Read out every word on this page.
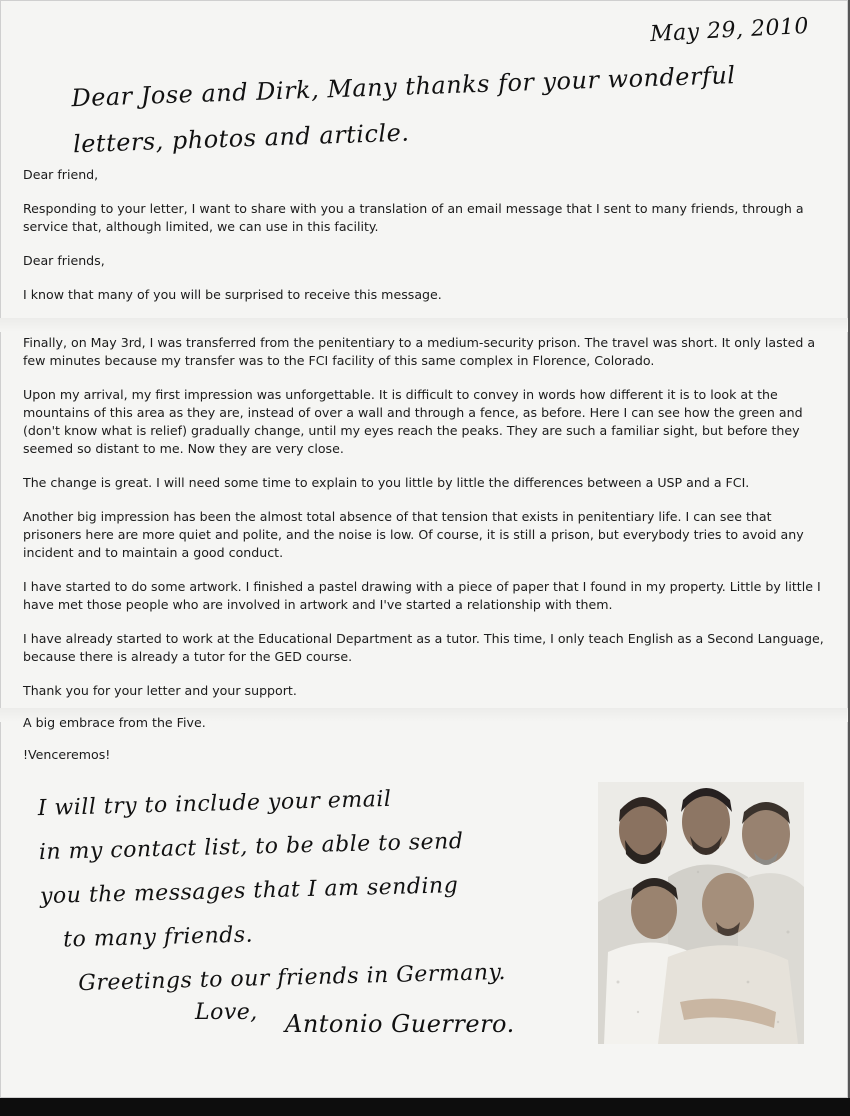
May 29, 2010
Dear Jose and Dirk, Many thanks for your wonderful letters, photos and article.

Dear friend,

Responding to your letter, I want to share with you a translation of an email message that I sent to many friends, through a service that, although limited, we can use in this facility.

Dear friends,

I know that many of you will be surprised to receive this message.

Finally, on May 3rd, I was transferred from the penitentiary to a medium-security prison. The travel was short. It only lasted a few minutes because my transfer was to the FCI facility of this same complex in Florence, Colorado.

Upon my arrival, my first impression was unforgettable. It is difficult to convey in words how different it is to look at the mountains of this area as they are, instead of over a wall and through a fence, as before. Here I can see how the green and (don't know what is relief) gradually change, until my eyes reach the peaks. They are such a familiar sight, but before they seemed so distant to me. Now they are very close.

The change is great. I will need some time to explain to you little by little the differences between a USP and a FCI.

Another big impression has been the almost total absence of that tension that exists in penitentiary life. I can see that prisoners here are more quiet and polite, and the noise is low. Of course, it is still a prison, but everybody tries to avoid any incident and to maintain a good conduct.

I have started to do some artwork. I finished a pastel drawing with a piece of paper that I found in my property. Little by little I have met those people who are involved in artwork and I've started a relationship with them.

I have already started to work at the Educational Department as a tutor. This time, I only teach English as a Second Language, because there is already a tutor for the GED course.

Thank you for your letter and your support.

A big embrace from the Five.

!Venceremos!

I will try to include your email
in my contact list, to be able to send
you the messages that I am sending
to many friends.
Greetings to our friends in Germany.
Love, Antonio Guerrero.
